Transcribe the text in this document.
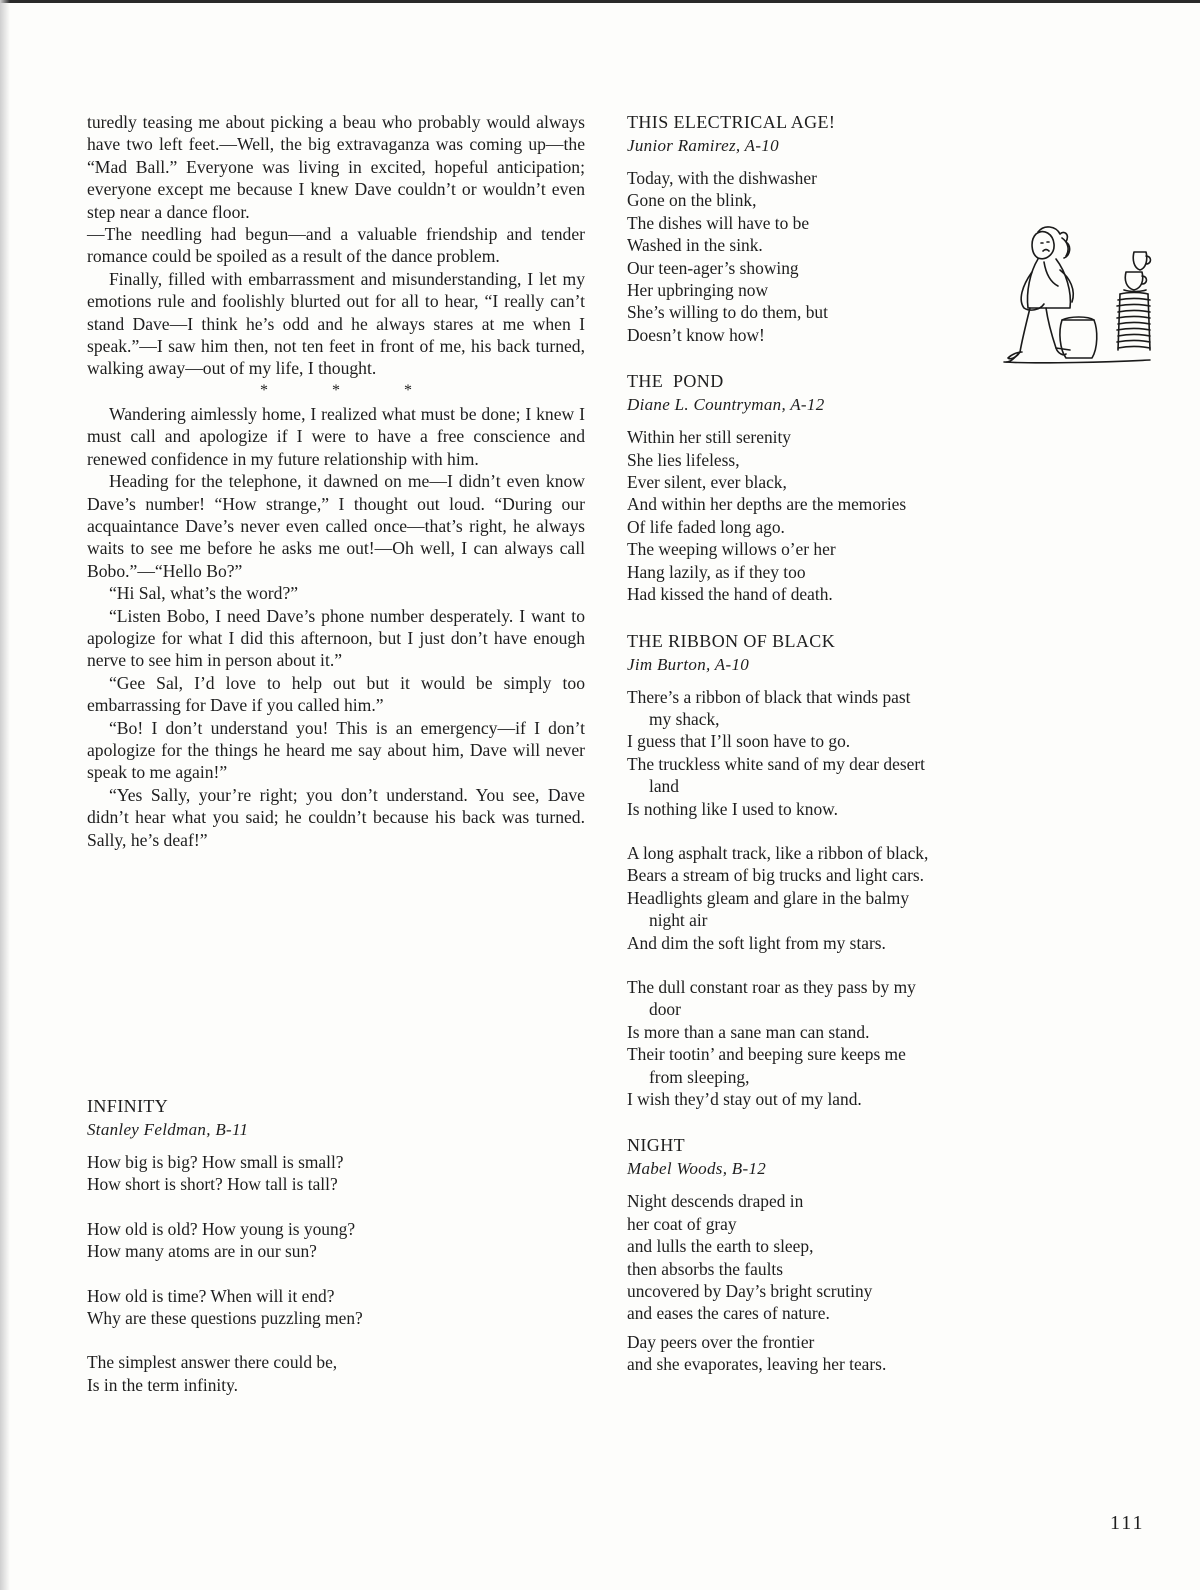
turedly teasing me about picking a beau who probably would always have two left feet.—Well, the big extravaganza was coming up—the “Mad Ball.” Everyone was living in excited, hopeful anticipation; everyone except me because I knew Dave couldn’t or wouldn’t even step near a dance floor.

—The needling had begun—and a valuable friendship and tender romance could be spoiled as a result of the dance problem.

Finally, filled with embarrassment and misunderstanding, I let my emotions rule and foolishly blurted out for all to hear, “I really can’t stand Dave—I think he’s odd and he always stares at me when I speak.”—I saw him then, not ten feet in front of me, his back turned, walking away—out of my life, I thought.

* * *

Wandering aimlessly home, I realized what must be done; I knew I must call and apologize if I were to have a free conscience and renewed confidence in my future relationship with him.

Heading for the telephone, it dawned on me—I didn’t even know Dave’s number! “How strange,” I thought out loud. “During our acquaintance Dave’s never even called once—that’s right, he always waits to see me before he asks me out!—Oh well, I can always call Bobo.”—“Hello Bo?”

“Hi Sal, what’s the word?”

“Listen Bobo, I need Dave’s phone number desperately. I want to apologize for what I did this afternoon, but I just don’t have enough nerve to see him in person about it.”

“Gee Sal, I’d love to help out but it would be simply too embarrassing for Dave if you called him.”

“Bo! I don’t understand you! This is an emergency—if I don’t apologize for the things he heard me say about him, Dave will never speak to me again!”

“Yes Sally, your’re right; you don’t understand. You see, Dave didn’t hear what you said; he couldn’t because his back was turned. Sally, he’s deaf!”

INFINITY
Stanley Feldman, B-11
How big is big? How small is small?
How short is short? How tall is tall?
How old is old? How young is young?
How many atoms are in our sun?
How old is time? When will it end?
Why are these questions puzzling men?
The simplest answer there could be,
Is in the term infinity.
THIS ELECTRICAL AGE!
Junior Ramirez, A-10
Today, with the dishwasher
Gone on the blink,
The dishes will have to be
Washed in the sink.
Our teen-ager’s showing
Her upbringing now
She’s willing to do them, but
Doesn’t know how!
THE  POND
Diane L. Countryman, A-12
Within her still serenity
She lies lifeless,
Ever silent, ever black,
And within her depths are the memories
Of life faded long ago.
The weeping willows o’er her
Hang lazily, as if they too
Had kissed the hand of death.
THE RIBBON OF BLACK
Jim Burton, A-10
There’s a ribbon of black that winds past
my shack,
I guess that I’ll soon have to go.
The truckless white sand of my dear desert
land
Is nothing like I used to know.
A long asphalt track, like a ribbon of black,
Bears a stream of big trucks and light cars.
Headlights gleam and glare in the balmy
night air
And dim the soft light from my stars.
The dull constant roar as they pass by my
door
Is more than a sane man can stand.
Their tootin’ and beeping sure keeps me
from sleeping,
I wish they’d stay out of my land.
NIGHT
Mabel Woods, B-12
Night descends draped in
her coat of gray
and lulls the earth to sleep,
then absorbs the faults
uncovered by Day’s bright scrutiny
and eases the cares of nature.
Day peers over the frontier
and she evaporates, leaving her tears.
111
